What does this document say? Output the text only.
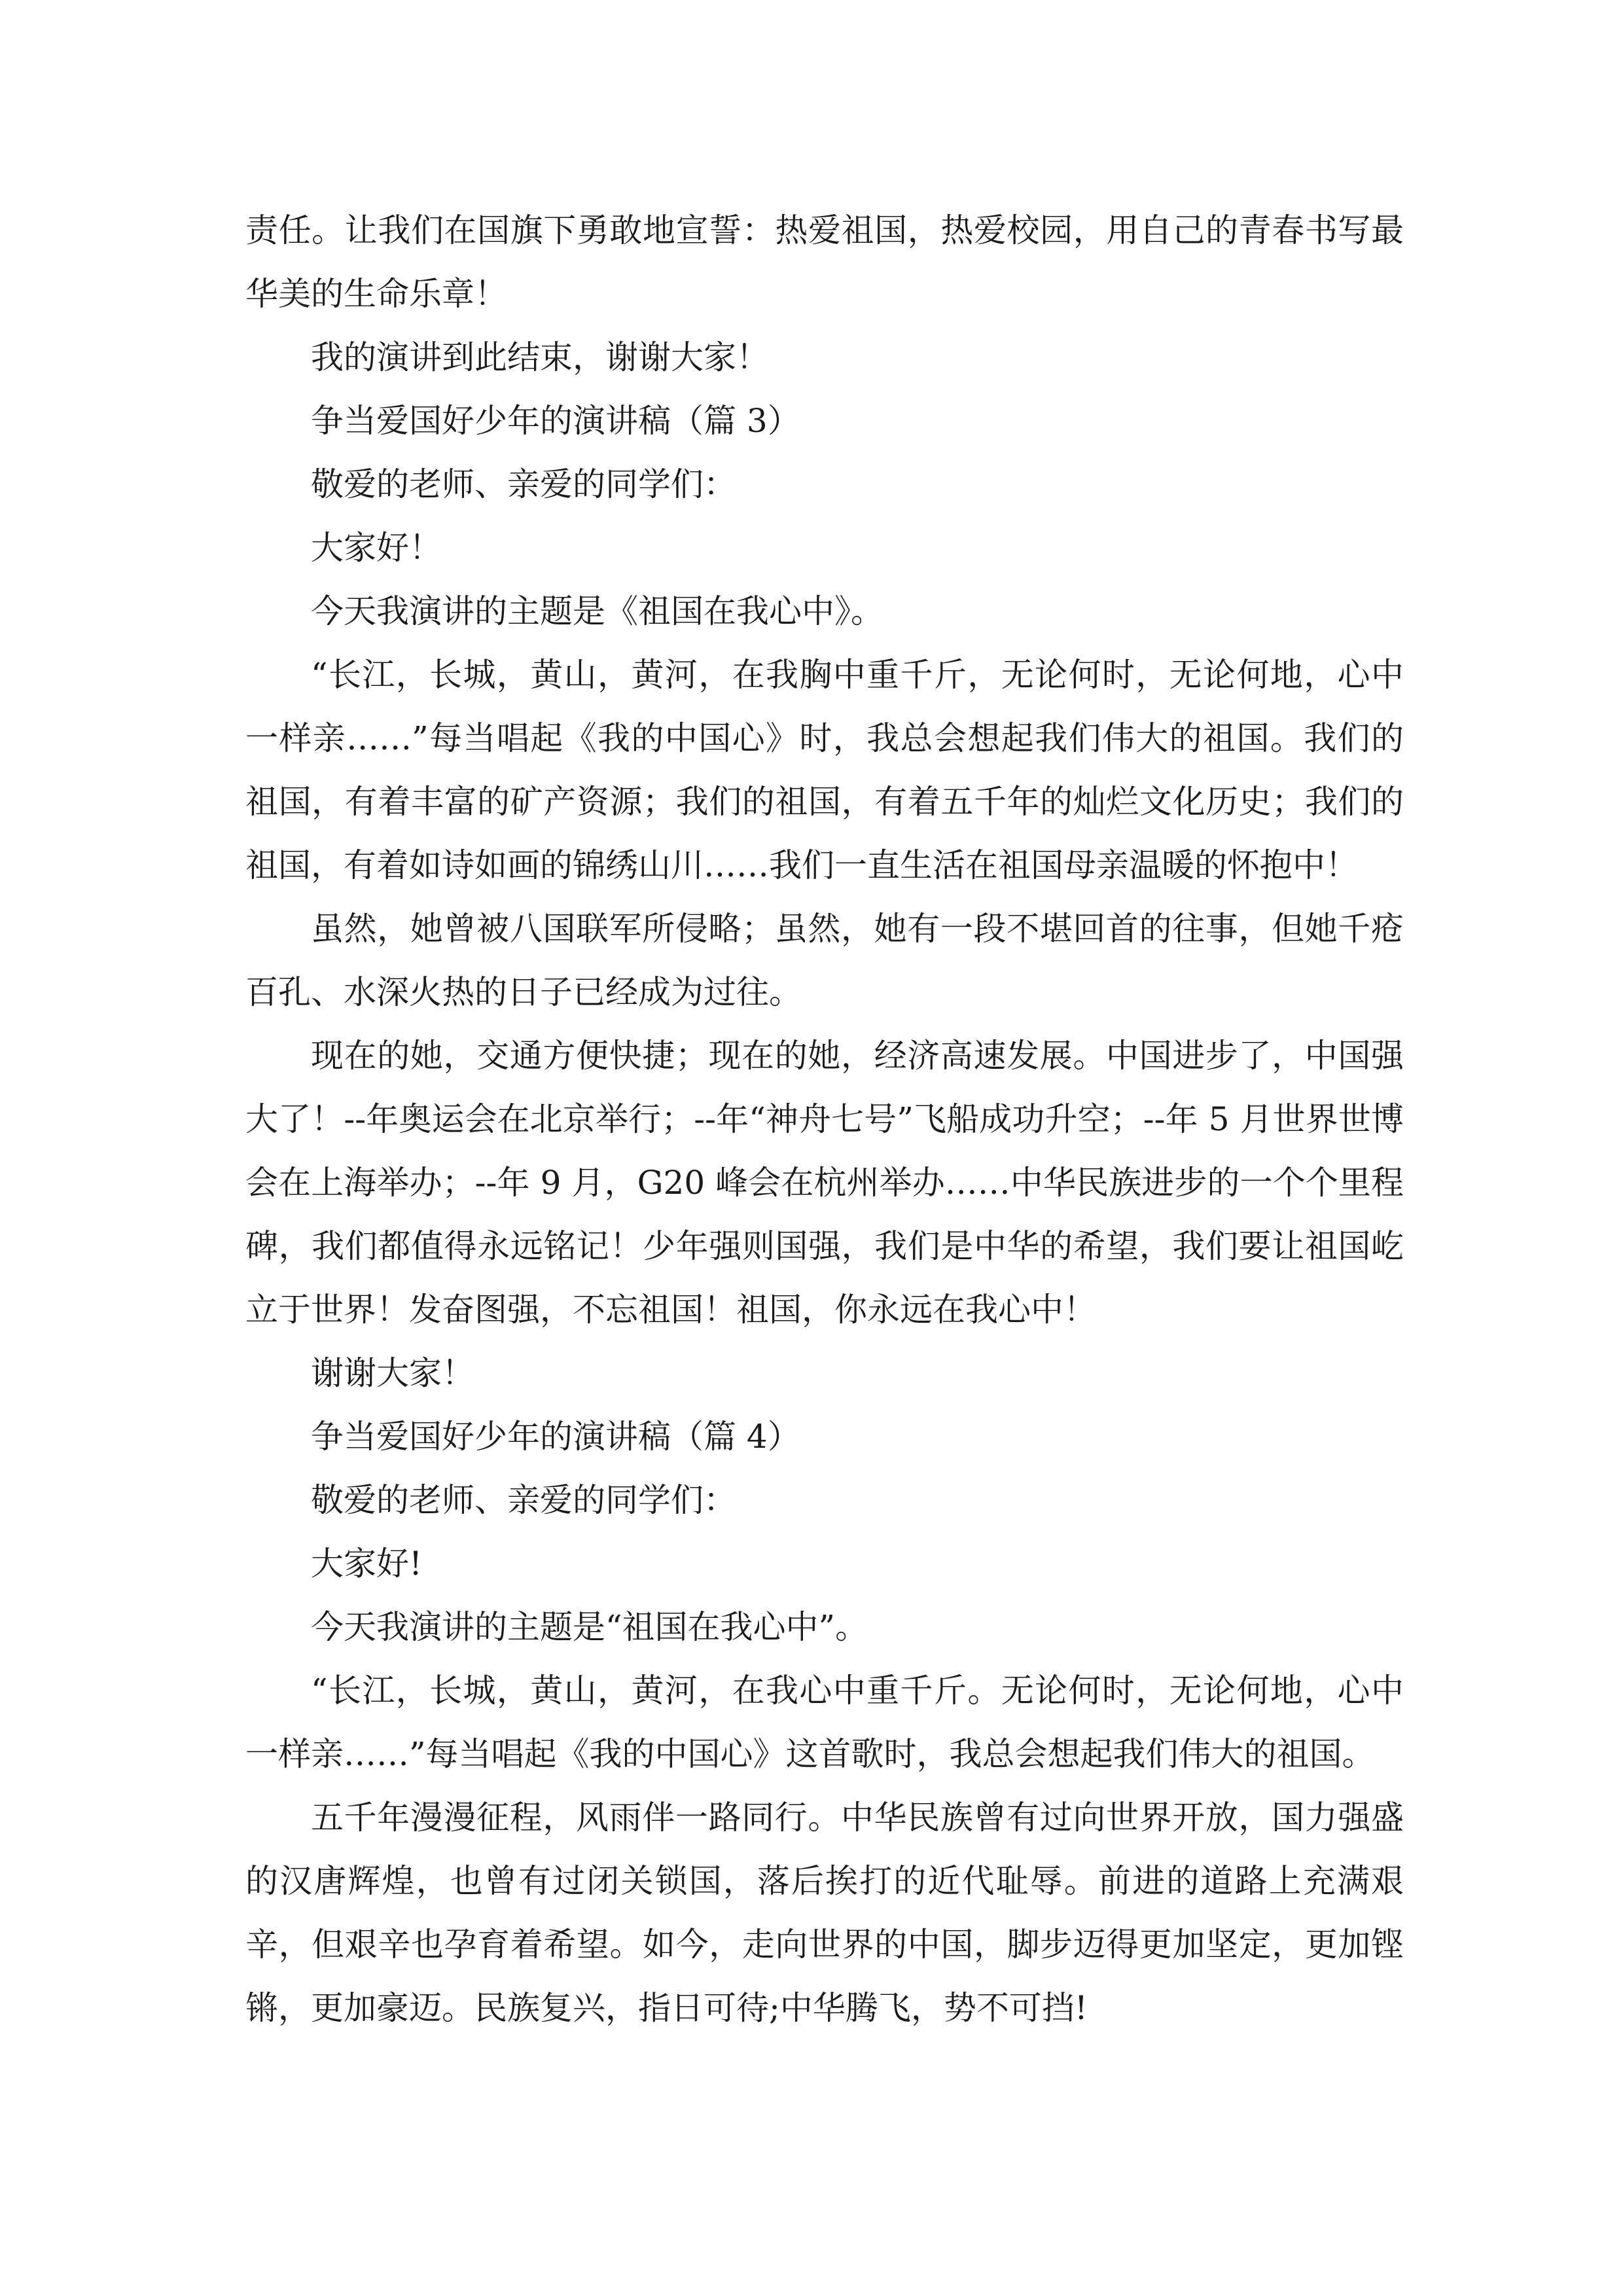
责任。让我们在国旗下勇敢地宣誓：热爱祖国，热爱校园，用自己的青春书写最华美的生命乐章！

我的演讲到此结束，谢谢大家！

争当爱国好少年的演讲稿（篇 3）

敬爱的老师、亲爱的同学们：

大家好！

今天我演讲的主题是《祖国在我心中》。

“长江，长城，黄山，黄河，在我胸中重千斤，无论何时，无论何地，心中一样亲……”每当唱起《我的中国心》时，我总会想起我们伟大的祖国。我们的祖国，有着丰富的矿产资源；我们的祖国，有着五千年的灿烂文化历史；我们的祖国，有着如诗如画的锦绣山川……我们一直生活在祖国母亲温暖的怀抱中！

虽然，她曾被八国联军所侵略；虽然，她有一段不堪回首的往事，但她千疮百孔、水深火热的日子已经成为过往。

现在的她，交通方便快捷；现在的她，经济高速发展。中国进步了，中国强大了！--年奥运会在北京举行；--年“神舟七号”飞船成功升空；--年 5 月世界世博会在上海举办；--年 9 月，G20 峰会在杭州举办……中华民族进步的一个个里程碑，我们都值得永远铭记！少年强则国强，我们是中华的希望，我们要让祖国屹立于世界！发奋图强，不忘祖国！祖国，你永远在我心中！

谢谢大家！

争当爱国好少年的演讲稿（篇 4）

敬爱的老师、亲爱的同学们：

大家好!

今天我演讲的主题是“祖国在我心中”。

“长江，长城，黄山，黄河，在我心中重千斤。无论何时，无论何地，心中一样亲……”每当唱起《我的中国心》这首歌时，我总会想起我们伟大的祖国。

五千年漫漫征程，风雨伴一路同行。中华民族曾有过向世界开放，国力强盛的汉唐辉煌，也曾有过闭关锁国，落后挨打的近代耻辱。前进的道路上充满艰辛，但艰辛也孕育着希望。如今，走向世界的中国，脚步迈得更加坚定，更加铿锵，更加豪迈。民族复兴，指日可待;中华腾飞，势不可挡!
